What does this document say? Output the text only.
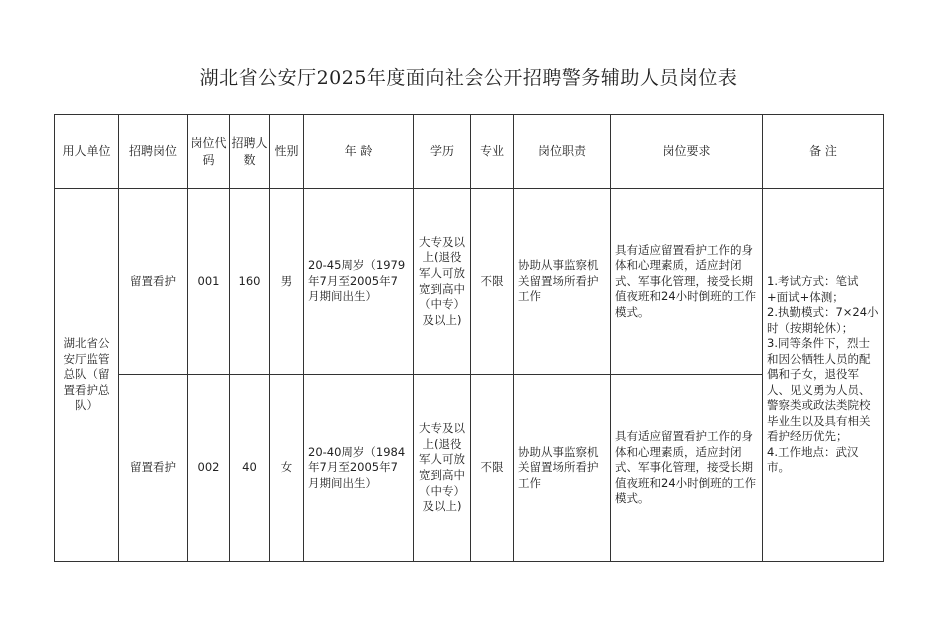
湖北省公安厅2025年度面向社会公开招聘警务辅助人员岗位表
用人单位	招聘岗位	岗位代码	招聘人数	性别	年 龄	学历	专业	岗位职责	岗位要求	备 注
湖北省公安厅监管总队（留置看护总队）	留置看护	001	160	男	20-45周岁（1979年7月至2005年7月期间出生）	大专及以上(退役军人可放宽到高中（中专）及以上)	不限	协助从事监察机关留置场所看护工作	具有适应留置看护工作的身体和心理素质，适应封闭式、军事化管理，接受长期值夜班和24小时倒班的工作模式。	1.考试方式：笔试+面试+体测；
2.执勤模式：7×24小时（按期轮休）；
3.同等条件下，烈士和因公牺牲人员的配偶和子女，退役军人、见义勇为人员、警察类或政法类院校毕业生以及具有相关看护经历优先；
4.工作地点：武汉市。

	留置看护	002	40	女	20-40周岁（1984年7月至2005年7月期间出生）	大专及以上(退役军人可放宽到高中（中专）及以上)	不限	协助从事监察机关留置场所看护工作	具有适应留置看护工作的身体和心理素质，适应封闭式、军事化管理，接受长期值夜班和24小时倒班的工作模式。	
